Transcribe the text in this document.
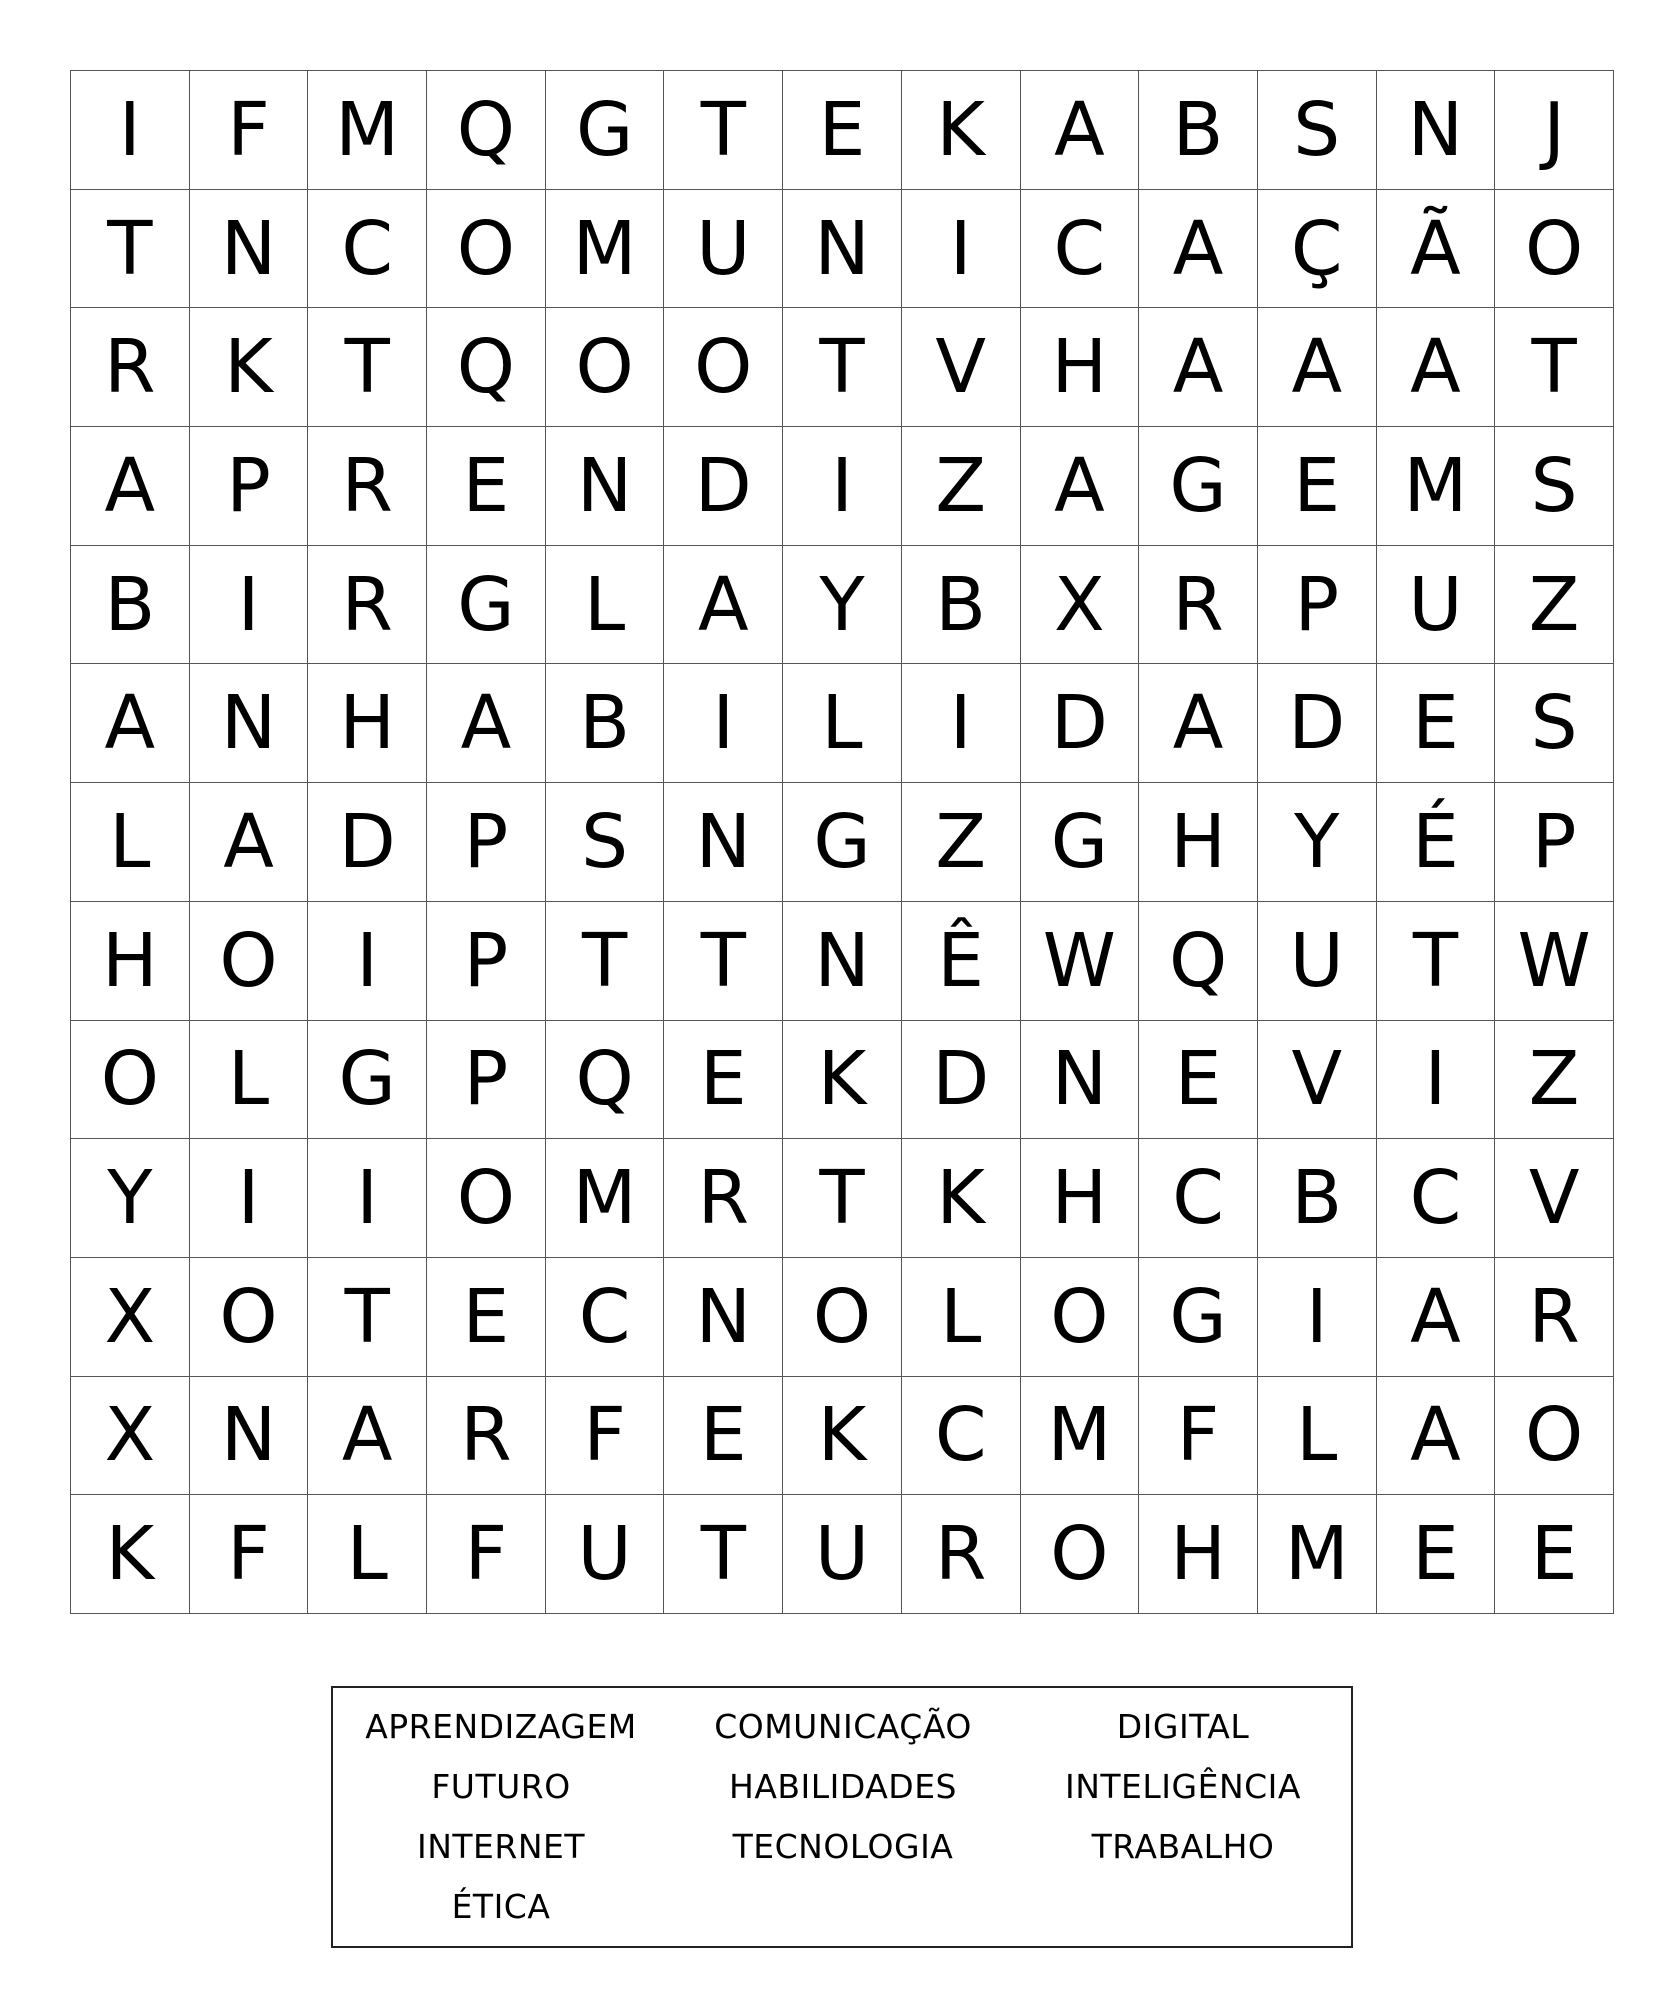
I	F M Q G T E K A B S N	J
T N C O M U N	I	C A Ç Ã O
R K T Q O O T V H A A A T
A P R E N D	I	Z A G E M S
B	I	R G L A Y B X R P U Z
A N H A B	I	L	I	D A D E S
L A D P S N G Z G H Y É P
H O	I	P T T N Ê W Q U T W
O L G P Q E K D N E V	I	Z
Y	I	I	O M R T K H C B C V
X O T E C N O L O G	I	A R
X N A R F	E K C M F	L A O
K F	L	F U T U R O H M E E
APRENDIZAGEM	COMUNICAÇÃO	DIGITAL
FUTURO	HABILIDADES	INTELIGÊNCIA
INTERNET	TECNOLOGIA	TRABALHO
ÉTICA
